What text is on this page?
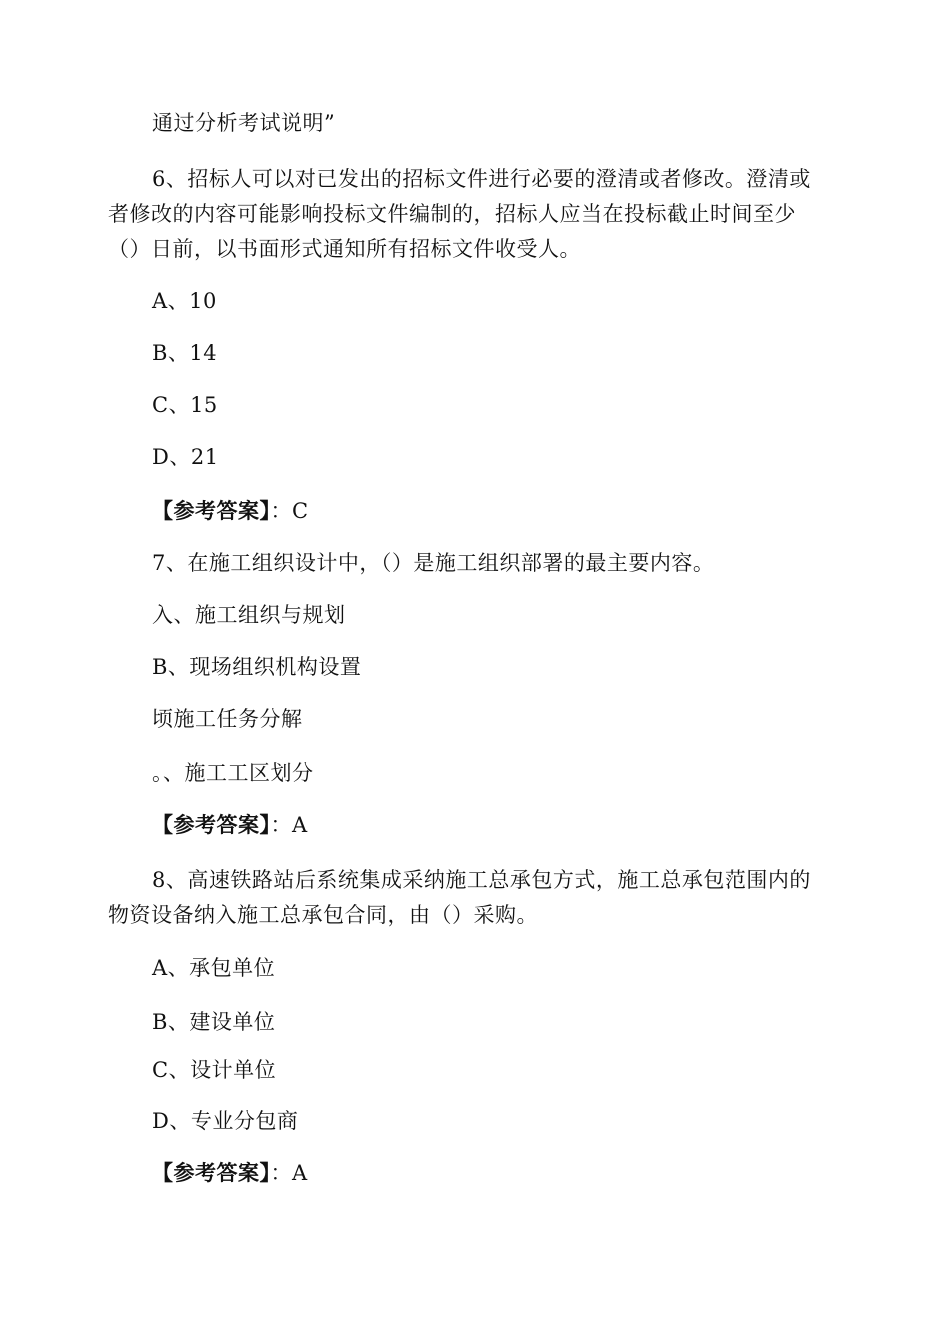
通过分析考试说明”
6、招标人可以对已发出的招标文件进行必要的澄清或者修改。澄清或
者修改的内容可能影响投标文件编制的，招标人应当在投标截止时间至少
（）日前，以书面形式通知所有招标文件收受人。
A、10
B、14
C、15
D、21
【参考答案】：C
7、在施工组织设计中，（）是施工组织部署的最主要内容。
入、施工组织与规划
B、现场组织机构设置
顷施工任务分解
。、施工工区划分
【参考答案】：A
8、高速铁路站后系统集成采纳施工总承包方式，施工总承包范围内的
物资设备纳入施工总承包合同，由（）采购。
A、承包单位
B、建设单位
C、设计单位
D、专业分包商
【参考答案】：A
